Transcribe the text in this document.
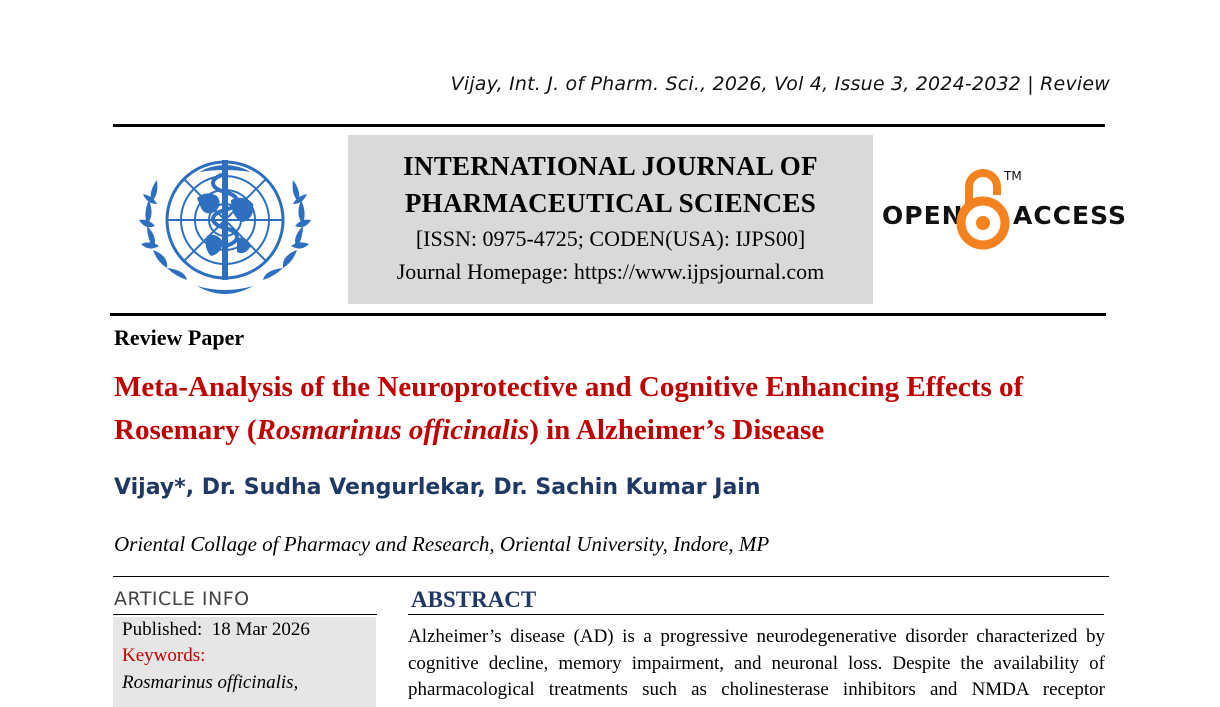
Vijay, Int. J. of Pharm. Sci., 2026, Vol 4, Issue 3, 2024-2032 | Review
INTERNATIONAL JOURNAL OF
PHARMACEUTICAL SCIENCES
[ISSN: 0975-4725; CODEN(USA): IJPS00]
Journal Homepage: https://www.ijpsjournal.com
OPEN
TM
ACCESS
Review Paper
Meta-Analysis of the Neuroprotective and Cognitive Enhancing Effects of Rosemary (Rosmarinus officinalis) in Alzheimer’s Disease
Vijay*, Dr. Sudha Vengurlekar, Dr. Sachin Kumar Jain
Oriental Collage of Pharmacy and Research, Oriental University, Indore, MP
ARTICLE INFO
Published: 18 Mar 2026
Keywords:
Rosmarinus officinalis,
ABSTRACT
Alzheimer’s disease (AD) is a progressive neurodegenerative disorder characterized by
cognitive decline, memory impairment, and neuronal loss. Despite the availability of
pharmacological treatments such as cholinesterase inhibitors and NMDA receptor
